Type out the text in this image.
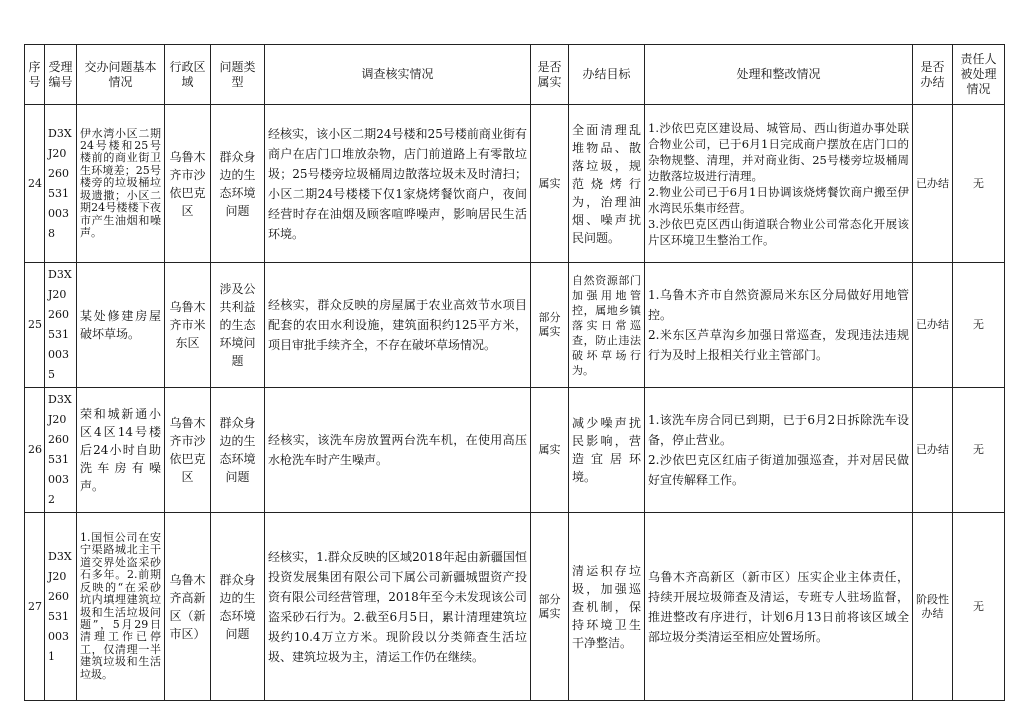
序号	受理编号	交办问题基本情况	行政区域	问题类型	调查核实情况	是否属实	办结目标	处理和整改情况	是否办结	责任人被处理情况
24	D3XJ202605310038	伊水湾小区二期24号楼和25号楼前的商业街卫生环境差；25号楼旁的垃圾桶垃圾遗撒；小区二期24号楼楼下夜市产生油烟和噪声。	乌鲁木齐市沙依巴克区	群众身边的生态环境问题	经核实，该小区二期24号楼和25号楼前商业街有商户在店门口堆放杂物，店门前道路上有零散垃圾；25号楼旁垃圾桶周边散落垃圾未及时清扫；小区二期24号楼楼下仅1家烧烤餐饮商户，夜间经营时存在油烟及顾客喧哗噪声，影响居民生活环境。	属实	全面清理乱堆物品、散落垃圾，规范烧烤行为，治理油烟、噪声扰民问题。	1.沙依巴克区建设局、城管局、西山街道办事处联合物业公司，已于6月1日完成商户摆放在店门口的杂物规整、清理，并对商业街、25号楼旁垃圾桶周边散落垃圾进行清理。
2.物业公司已于6月1日协调该烧烤餐饮商户搬至伊水湾民乐集市经营。
3.沙依巴克区西山街道联合物业公司常态化开展该片区环境卫生整治工作。	已办结	无
25	D3XJ202605310035	某处修建房屋破坏草场。	乌鲁木齐市米东区	涉及公共利益的生态环境问题	经核实，群众反映的房屋属于农业高效节水项目配套的农田水利设施，建筑面积约125平方米，项目审批手续齐全，不存在破坏草场情况。	部分属实	自然资源部门加强用地管控，属地乡镇落实日常巡查，防止违法破坏草场行为。	1.乌鲁木齐市自然资源局米东区分局做好用地管控。
2.米东区芦草沟乡加强日常巡查，发现违法违规行为及时上报相关行业主管部门。	已办结	无
26	D3XJ202605310032	荣和城新通小区4区14号楼后24小时自助洗车房有噪声。	乌鲁木齐市沙依巴克区	群众身边的生态环境问题	经核实，该洗车房放置两台洗车机，在使用高压水枪洗车时产生噪声。	属实	减少噪声扰民影响，营造宜居环境。	1.该洗车房合同已到期，已于6月2日拆除洗车设备，停止营业。
2.沙依巴克区红庙子街道加强巡查，并对居民做好宣传解释工作。	已办结	无
27	D3XJ202605310031	1.国恒公司在安宁渠路城北主干道交界处盗采砂石多年。2.前期反映的“在采砂坑内填埋建筑垃圾和生活垃圾问题”，5月29日清理工作已停工，仅清理一半建筑垃圾和生活垃圾。	乌鲁木齐高新区（新市区）	群众身边的生态环境问题	经核实，1.群众反映的区域2018年起由新疆国恒投资发展集团有限公司下属公司新疆城盟资产投资有限公司经营管理，2018年至今未发现该公司盗采砂石行为。2.截至6月5日，累计清理建筑垃圾约10.4万立方米。现阶段以分类筛查生活垃圾、建筑垃圾为主，清运工作仍在继续。	部分属实	清运积存垃圾，加强巡查机制，保持环境卫生干净整洁。	乌鲁木齐高新区（新市区）压实企业主体责任，持续开展垃圾筛查及清运，专班专人驻场监督，推进整改有序进行，计划6月13日前将该区域全部垃圾分类清运至相应处置场所。	阶段性办结	无
